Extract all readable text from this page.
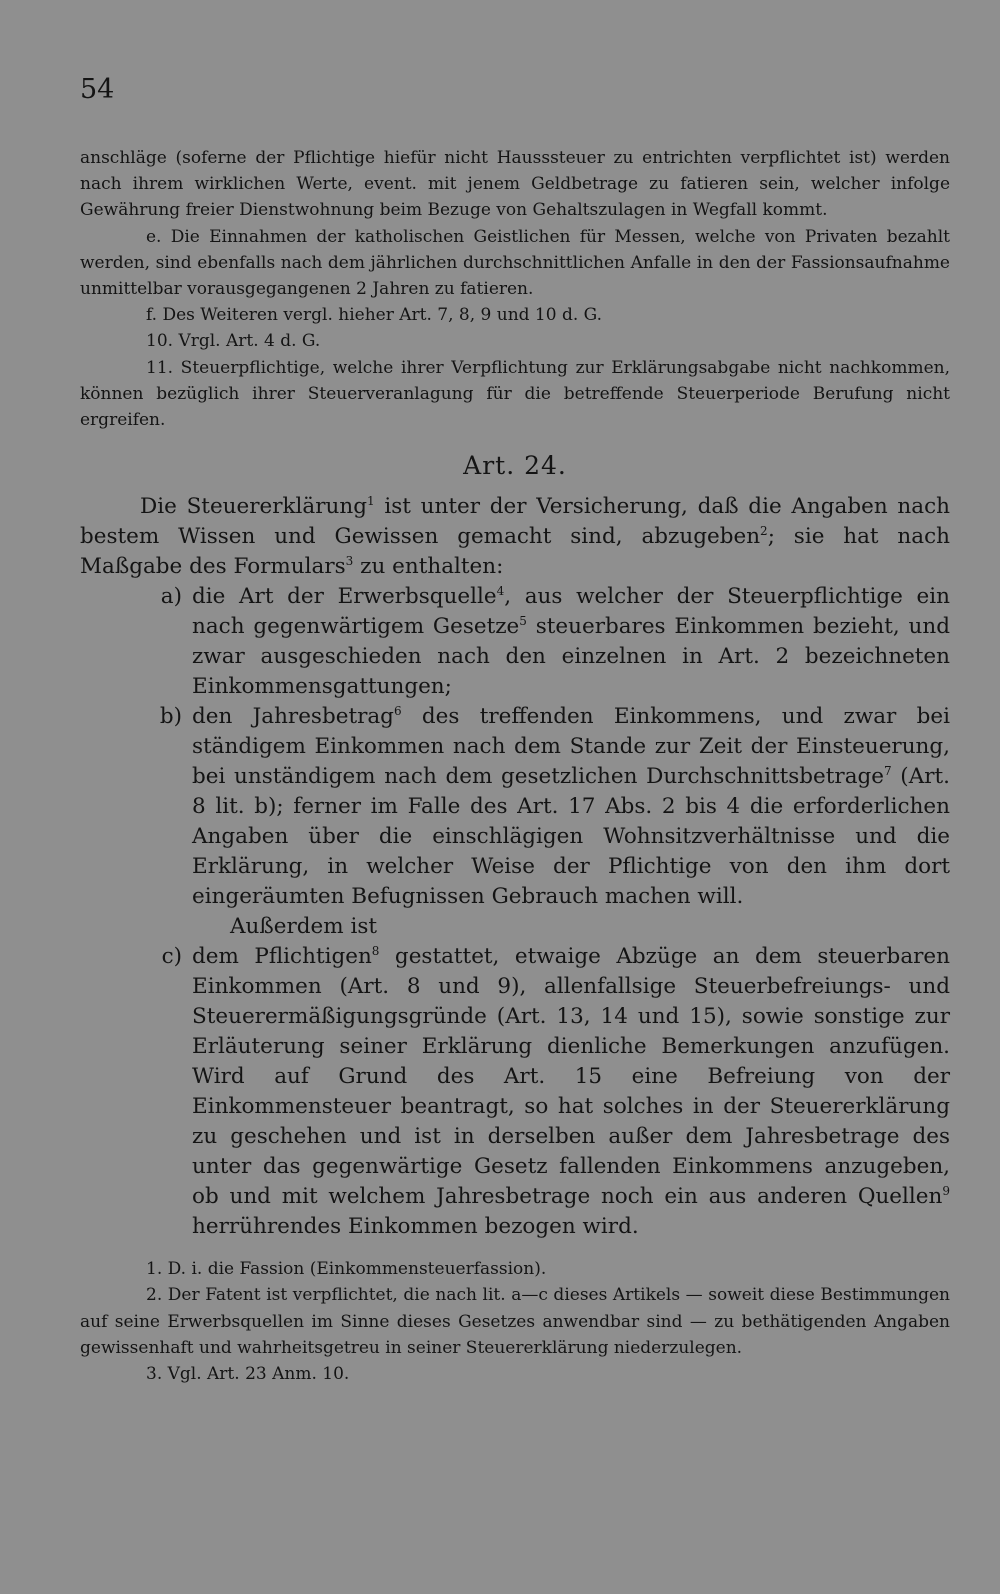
54

anschläge (soferne der Pflichtige hiefür nicht Hausssteuer zu entrichten verpflichtet ist) werden nach ihrem wirklichen Werte, event. mit jenem Geldbetrage zu fatieren sein, welcher infolge Gewährung freier Dienstwohnung beim Bezuge von Gehaltszulagen in Wegfall kommt.

e. Die Einnahmen der katholischen Geistlichen für Messen, welche von Privaten bezahlt werden, sind ebenfalls nach dem jährlichen durchschnittlichen Anfalle in den der Fassionsaufnahme unmittelbar vorausgegangenen 2 Jahren zu fatieren.

f. Des Weiteren vergl. hieher Art. 7, 8, 9 und 10 d. G.

10. Vrgl. Art. 4 d. G.

11. Steuerpflichtige, welche ihrer Verpflichtung zur Erklärungsabgabe nicht nachkommen, können bezüglich ihrer Steuerveranlagung für die betreffende Steuerperiode Berufung nicht ergreifen.

Art. 24.

Die Steuererklärung$^1$ ist unter der Versicherung, daß die Angaben nach bestem Wissen und Gewissen gemacht sind, abzugeben$^2$; sie hat nach Maßgabe des Formulars$^3$ zu enthalten:

a) die Art der Erwerbsquelle$^4$, aus welcher der Steuerpflichtige ein nach gegenwärtigem Gesetze$^5$ steuerbares Einkommen bezieht, und zwar ausgeschieden nach den einzelnen in Art. 2 bezeichneten Einkommensgattungen;
b) den Jahresbetrag$^6$ des treffenden Einkommens, und zwar bei ständigem Einkommen nach dem Stande zur Zeit der Einsteuerung, bei unständigem nach dem gesetzlichen Durchschnittsbetrage$^7$ (Art. 8 lit. b); ferner im Falle des Art. 17 Abs. 2 bis 4 die erforderlichen Angaben über die einschlägigen Wohnsitzverhältnisse und die Erklärung, in welcher Weise der Pflichtige von den ihm dort eingeräumten Befugnissen Gebrauch machen will.
Außerdem ist
c) dem Pflichtigen$^8$ gestattet, etwaige Abzüge an dem steuerbaren Einkommen (Art. 8 und 9), allenfallsige Steuerbefreiungs- und Steuerermäßigungsgründe (Art. 13, 14 und 15), sowie sonstige zur Erläuterung seiner Erklärung dienliche Bemerkungen anzufügen. Wird auf Grund des Art. 15 eine Befreiung von der Einkommensteuer beantragt, so hat solches in der Steuererklärung zu geschehen und ist in derselben außer dem Jahresbetrage des unter das gegenwärtige Gesetz fallenden Einkommens anzugeben, ob und mit welchem Jahresbetrage noch ein aus anderen Quellen$^9$ herrührendes Einkommen bezogen wird.

1. D. i. die Fassion (Einkommensteuerfassion).

2. Der Fatent ist verpflichtet, die nach lit. a—c dieses Artikels — soweit diese Bestimmungen auf seine Erwerbsquellen im Sinne dieses Gesetzes anwendbar sind — zu bethätigenden Angaben gewissenhaft und wahrheitsgetreu in seiner Steuererklärung niederzulegen.

3. Vgl. Art. 23 Anm. 10.
